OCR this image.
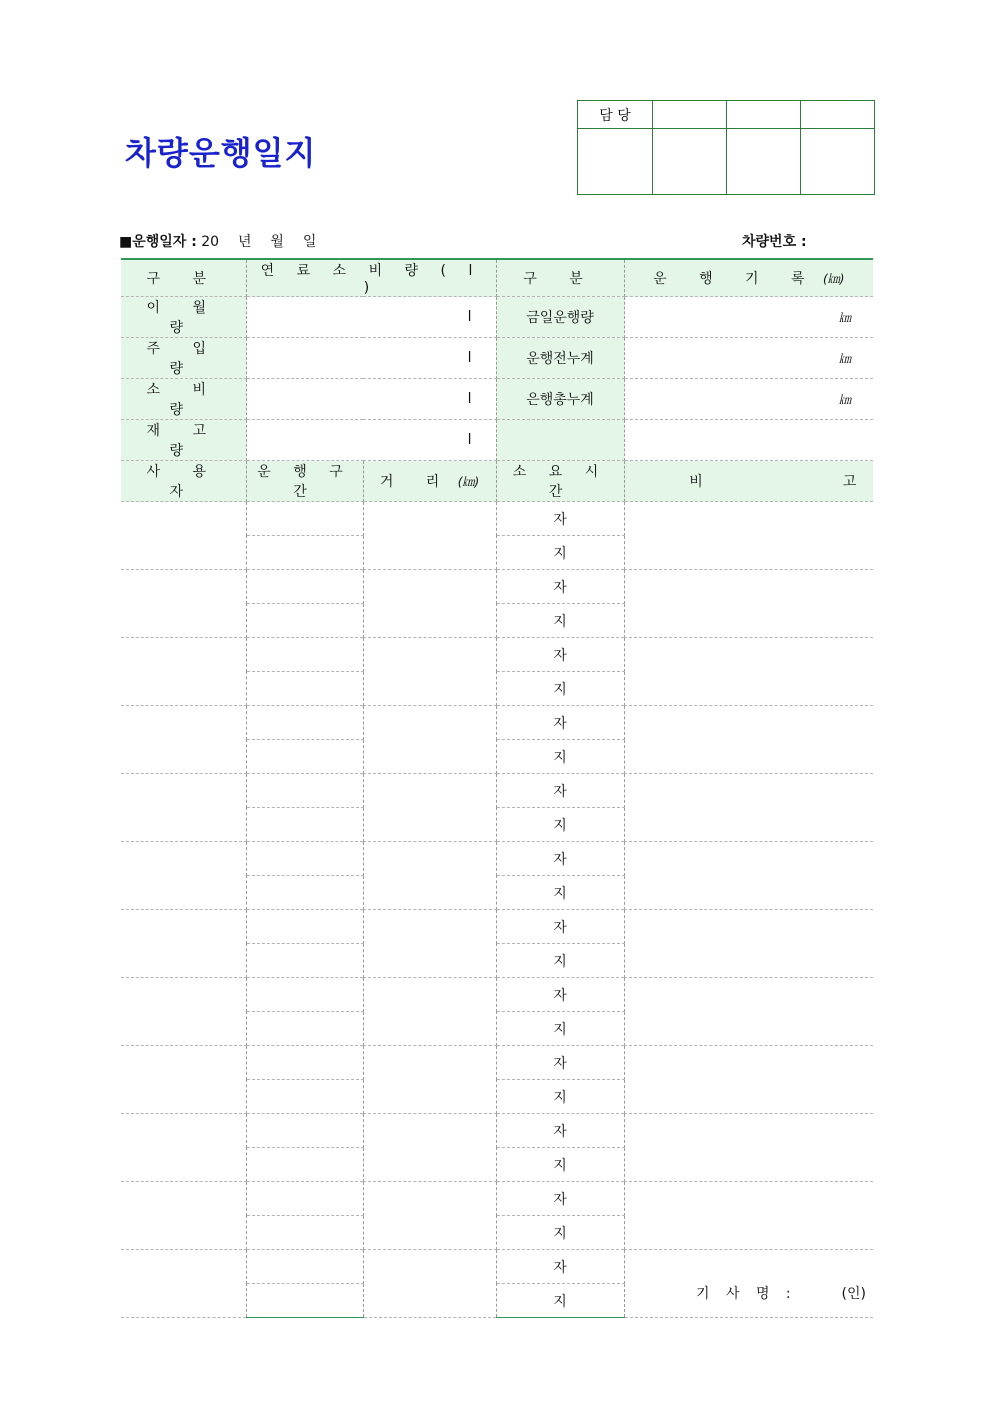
차량운행일지
담 당			

■운행일자 : 20 년 월 일	차량번호 :
구 분	연 료 소 비 량 ( l )		구 분	운 행 기 록 (㎞)
이 월 량	l		금일운행량	㎞
주 입 량	l		운행전누계	㎞
소 비 량	l		은행총누계	㎞
재 고 량	l			
사 용 자	운 행 구 간	거 리 (㎞)	소 요 시 간	비 고
			자	
			지	
			자	
			지	
			자	
			지	
			자	
			지	
			자	
			지	
			자	
			지	
			자	
			지	
			자	
			지	
			자	
			지	
			자	
			지	
			자	
			지	
			자	
			지		기 사 명 :	(인)
